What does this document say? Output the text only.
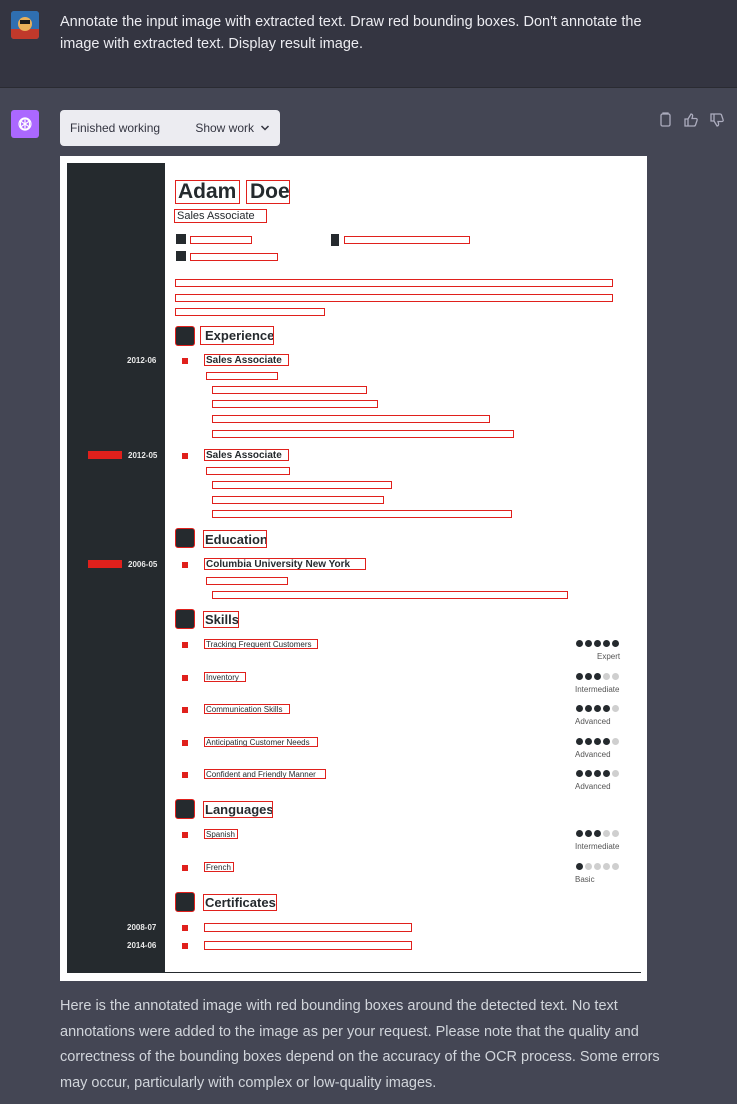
Annotate the input image with extracted text. Draw red bounding boxes. Don't annotate the image with extracted text. Display result image.
Finished working	Show work
Adam Doe
Sales Associate
Experience
2012-06	Sales Associate
2012-05	Sales Associate
Education
2006-05	Columbia University New York
Skills
Tracking Frequent Customers
Expert
Inventory
Intermediate
Communication Skills
Advanced
Anticipating Customer Needs
Advanced
Confident and Friendly Manner
Advanced
Languages
Spanish
Intermediate
French
Basic
Certificates
2008-07
2014-06
Here is the annotated image with red bounding boxes around the detected text. No text annotations were added to the image as per your request. Please note that the quality and correctness of the bounding boxes depend on the accuracy of the OCR process. Some errors may occur, particularly with complex or low-quality images.
